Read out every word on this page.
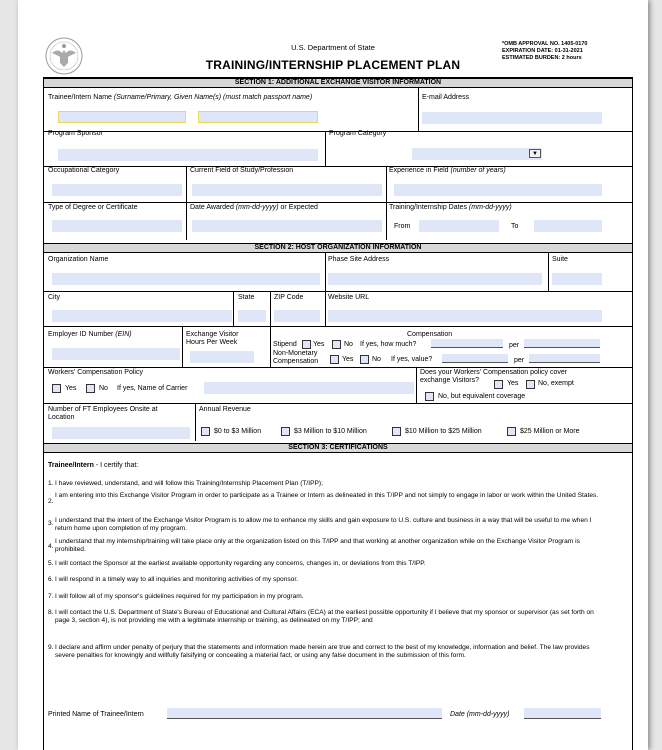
U.S. Department of State
TRAINING/INTERNSHIP PLACEMENT PLAN
*OMB APPROVAL NO. 1405-0170
EXPIRATION DATE: 01-31-2021
ESTIMATED BURDEN: 2 hours
SECTION 1: ADDITIONAL EXCHANGE VISITOR INFORMATION
Trainee/Intern Name (Surname/Primary, Given Name(s) (must match passport name)	E-mail Address
Program Sponsor	Program Category
▼
Occupational Category	Current Field of Study/Profession	Experience in Field (number of years)
Type of Degree or Certificate	Date Awarded (mm-dd-yyyy) or Expected	Training/Internship Dates (mm-dd-yyyy)
From	To
SECTION 2: HOST ORGANIZATION INFORMATION
Organization Name	Phase Site Address	Suite
City	State	ZIP Code	Website URL
Employer ID Number (EIN)	Exchange Visitor
Hours Per Week
Compensation
Stipend Yes	No If yes, how much?	per
Non-Monetary
Compensation	Yes	No If yes, value?	per
Workers' Compensation Policy
Yes	No If yes, Name of Carrier
Does your Workers' Compensation policy cover
exchange Visitors?	Yes	No, exempt
No, but equivalent coverage
Number of FT Employees Onsite at
Location
Annual Revenue
$0 to $3 Million	$3 Million to $10 Million	$10 Million to $25 Million	$25 Million or More
SECTION 3: CERTIFICATIONS
Trainee/Intern - I certify that:
1. I have reviewed, understand, and will follow this Training/Internship Placement Plan (T/IPP);
2.
I am entering into this Exchange Visitor Program in order to participate as a Trainee or Intern as delineated in this T/IPP and not simply to engage in labor or work within the United States.
3. I understand that the intent of the Exchange Visitor Program is to allow me to enhance my skills and gain exposure to U.S. culture and business in a way that will be useful to me when I return home upon completion of my program.
4.
I understand that my internship/training will take place only at the organization listed on this T/IPP and that working at another organization while on the Exchange Visitor Program is prohibited.
5. I will contact the Sponsor at the earliest available opportunity regarding any concerns, changes in, or deviations from this T/IPP.
6. I will respond in a timely way to all inquiries and monitoring activities of my sponsor.
7. I will follow all of my sponsor's guidelines required for my participation in my program.
8. I will contact the U.S. Department of State's Bureau of Educational and Cultural Affairs (ECA) at the earliest possible opportunity if I believe that my sponsor or supervisor (as set forth on page 3, section 4), is not providing me with a legitimate internship or training, as delineated on my T/IPP; and
9. I declare and affirm under penalty of perjury that the statements and information made herein are true and correct to the best of my knowledge, information and belief. The law provides severe penalties for knowingly and willfully falsifying or concealing a material fact, or using any false document in the submission of this form.
Printed Name of Trainee/Intern	Date (mm-dd-yyyy)
